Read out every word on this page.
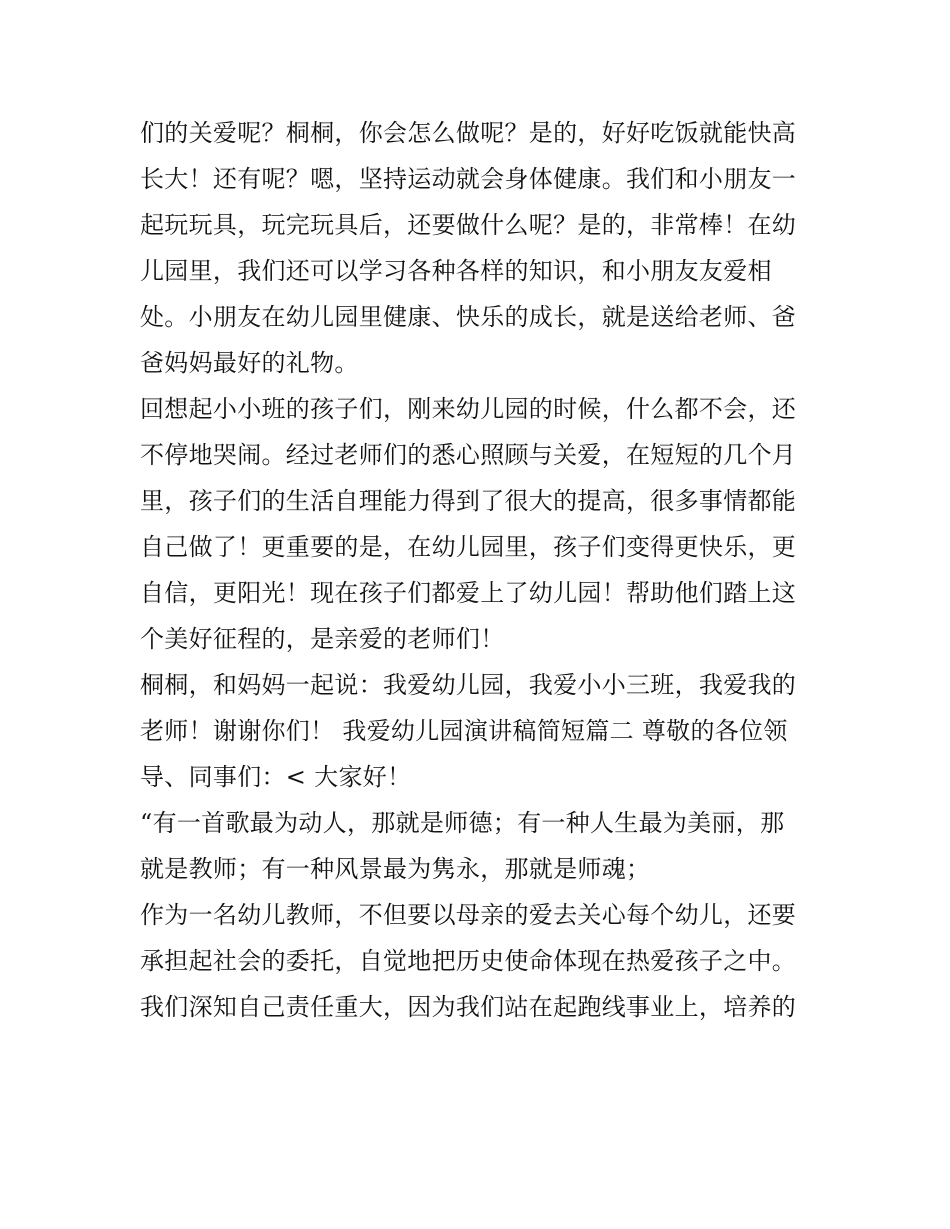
们的关爱呢？桐桐，你会怎么做呢？是的，好好吃饭就能快高
长大！还有呢？嗯，坚持运动就会身体健康。我们和小朋友一
起玩玩具，玩完玩具后，还要做什么呢？是的，非常棒！在幼
儿园里，我们还可以学习各种各样的知识，和小朋友友爱相
处。小朋友在幼儿园里健康、快乐的成长，就是送给老师、爸
爸妈妈最好的礼物。
回想起小小班的孩子们，刚来幼儿园的时候，什么都不会，还
不停地哭闹。经过老师们的悉心照顾与关爱，在短短的几个月
里，孩子们的生活自理能力得到了很大的提高，很多事情都能
自己做了！更重要的是，在幼儿园里，孩子们变得更快乐，更
自信，更阳光！现在孩子们都爱上了幼儿园！帮助他们踏上这
个美好征程的，是亲爱的老师们！
桐桐，和妈妈一起说：我爱幼儿园，我爱小小三班，我爱我的
老师！谢谢你们！ 我爱幼儿园演讲稿简短篇二 尊敬的各位领
导、同事们：< 大家好！
“有一首歌最为动人，那就是师德；有一种人生最为美丽，那
就是教师；有一种风景最为隽永，那就是师魂；
作为一名幼儿教师，不但要以母亲的爱去关心每个幼儿，还要
承担起社会的委托，自觉地把历史使命体现在热爱孩子之中。
我们深知自己责任重大，因为我们站在起跑线事业上，培养的
